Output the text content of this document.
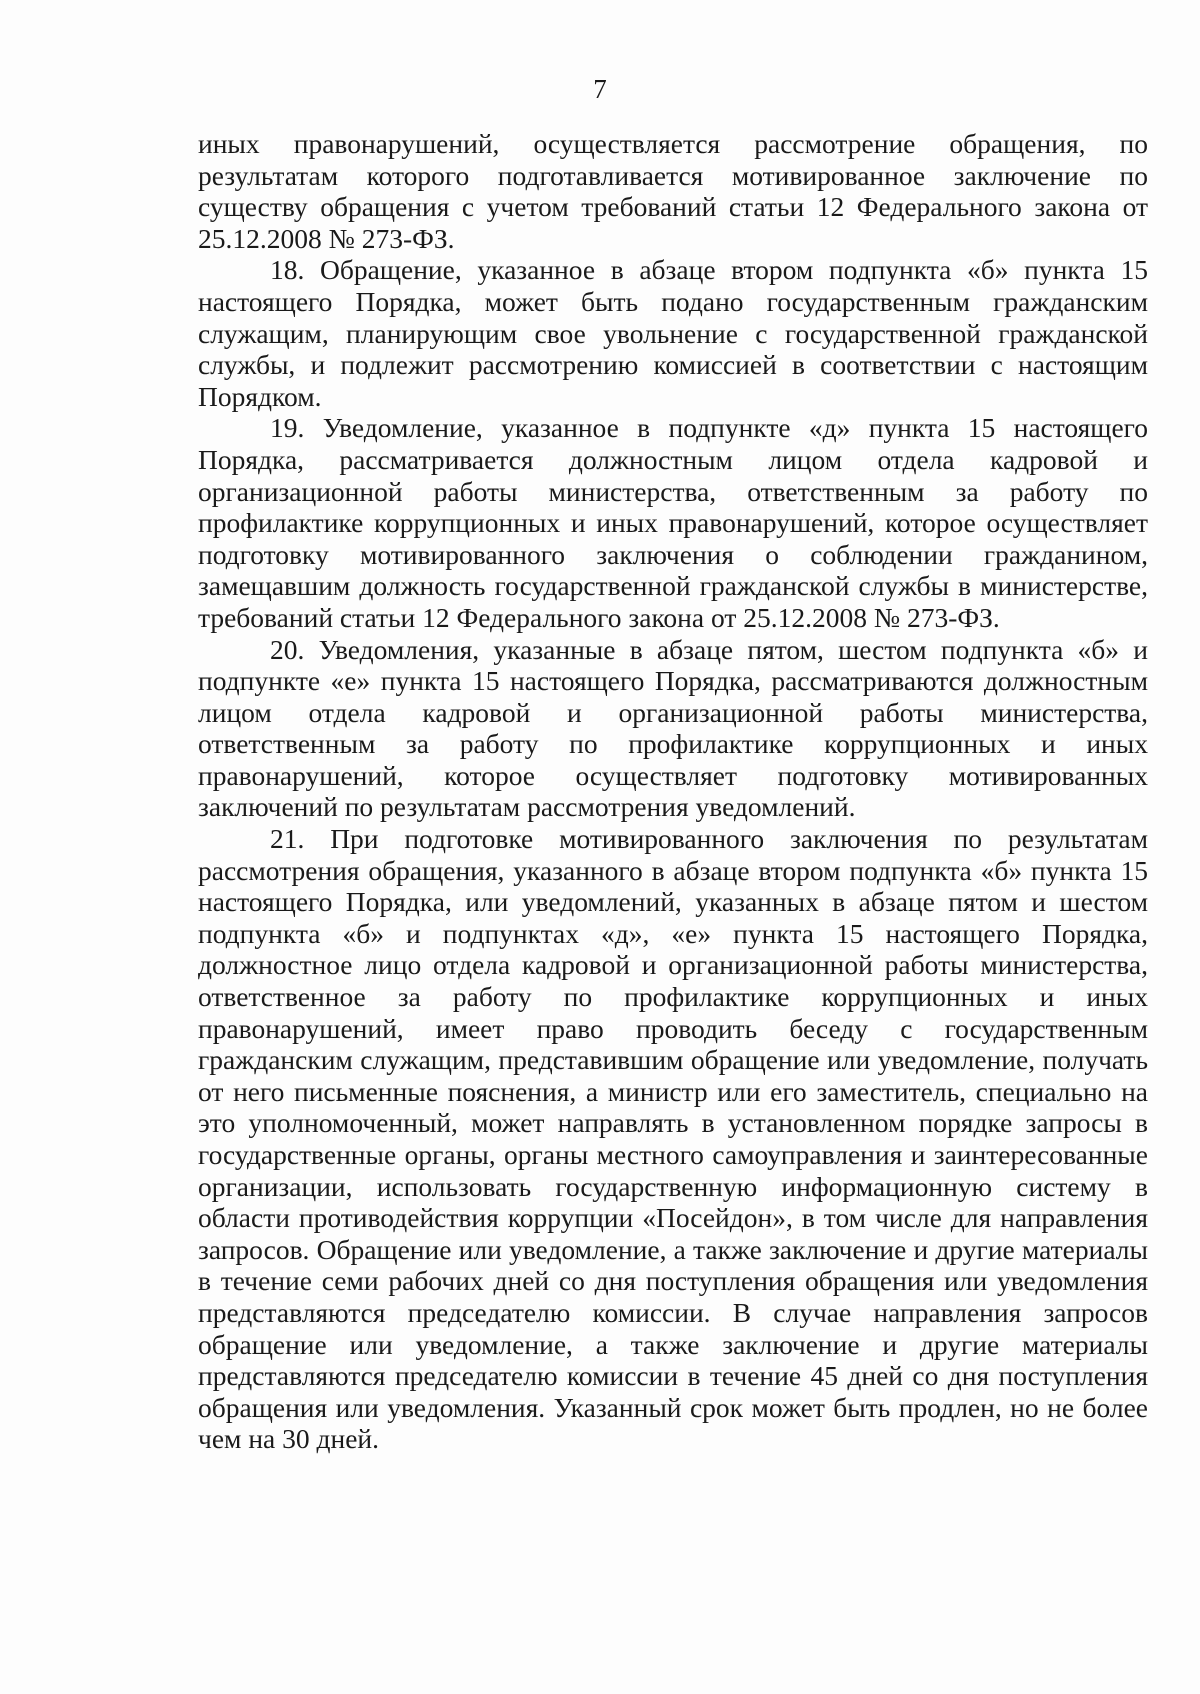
7

иных правонарушений, осуществляется рассмотрение обращения, по результатам которого подготавливается мотивированное заключение по существу обращения с учетом требований статьи 12 Федерального закона от 25.12.2008 № 273-ФЗ.

18. Обращение, указанное в абзаце втором подпункта «б» пункта 15 настоящего Порядка, может быть подано государственным гражданским служащим, планирующим свое увольнение с государственной гражданской службы, и подлежит рассмотрению комиссией в соответствии с настоящим Порядком.

19. Уведомление, указанное в подпункте «д» пункта 15 настоящего Порядка, рассматривается должностным лицом отдела кадровой и организационной работы министерства, ответственным за работу по профилактике коррупционных и иных правонарушений, которое осуществляет подготовку мотивированного заключения о соблюдении гражданином, замещавшим должность государственной гражданской службы в министерстве, требований статьи 12 Федерального закона от 25.12.2008 № 273-ФЗ.

20. Уведомления, указанные в абзаце пятом, шестом подпункта «б» и подпункте «е» пункта 15 настоящего Порядка, рассматриваются должностным лицом отдела кадровой и организационной работы министерства, ответственным за работу по профилактике коррупционных и иных правонарушений, которое осуществляет подготовку мотивированных заключений по результатам рассмотрения уведомлений.

21. При подготовке мотивированного заключения по результатам рассмотрения обращения, указанного в абзаце втором подпункта «б» пункта 15 настоящего Порядка, или уведомлений, указанных в абзаце пятом и шестом подпункта «б» и подпунктах «д», «е» пункта 15 настоящего Порядка, должностное лицо отдела кадровой и организационной работы министерства, ответственное за работу по профилактике коррупционных и иных правонарушений, имеет право проводить беседу с государственным гражданским служащим, представившим обращение или уведомление, получать от него письменные пояснения, а министр или его заместитель, специально на это уполномоченный, может направлять в установленном порядке запросы в государственные органы, органы местного самоуправления и заинтересованные организации, использовать государственную информационную систему в области противодействия коррупции «Посейдон», в том числе для направления запросов. Обращение или уведомление, а также заключение и другие материалы в течение семи рабочих дней со дня поступления обращения или уведомления представляются председателю комиссии. В случае направления запросов обращение или уведомление, а также заключение и другие материалы представляются председателю комиссии в течение 45 дней со дня поступления обращения или уведомления. Указанный срок может быть продлен, но не более чем на 30 дней.
